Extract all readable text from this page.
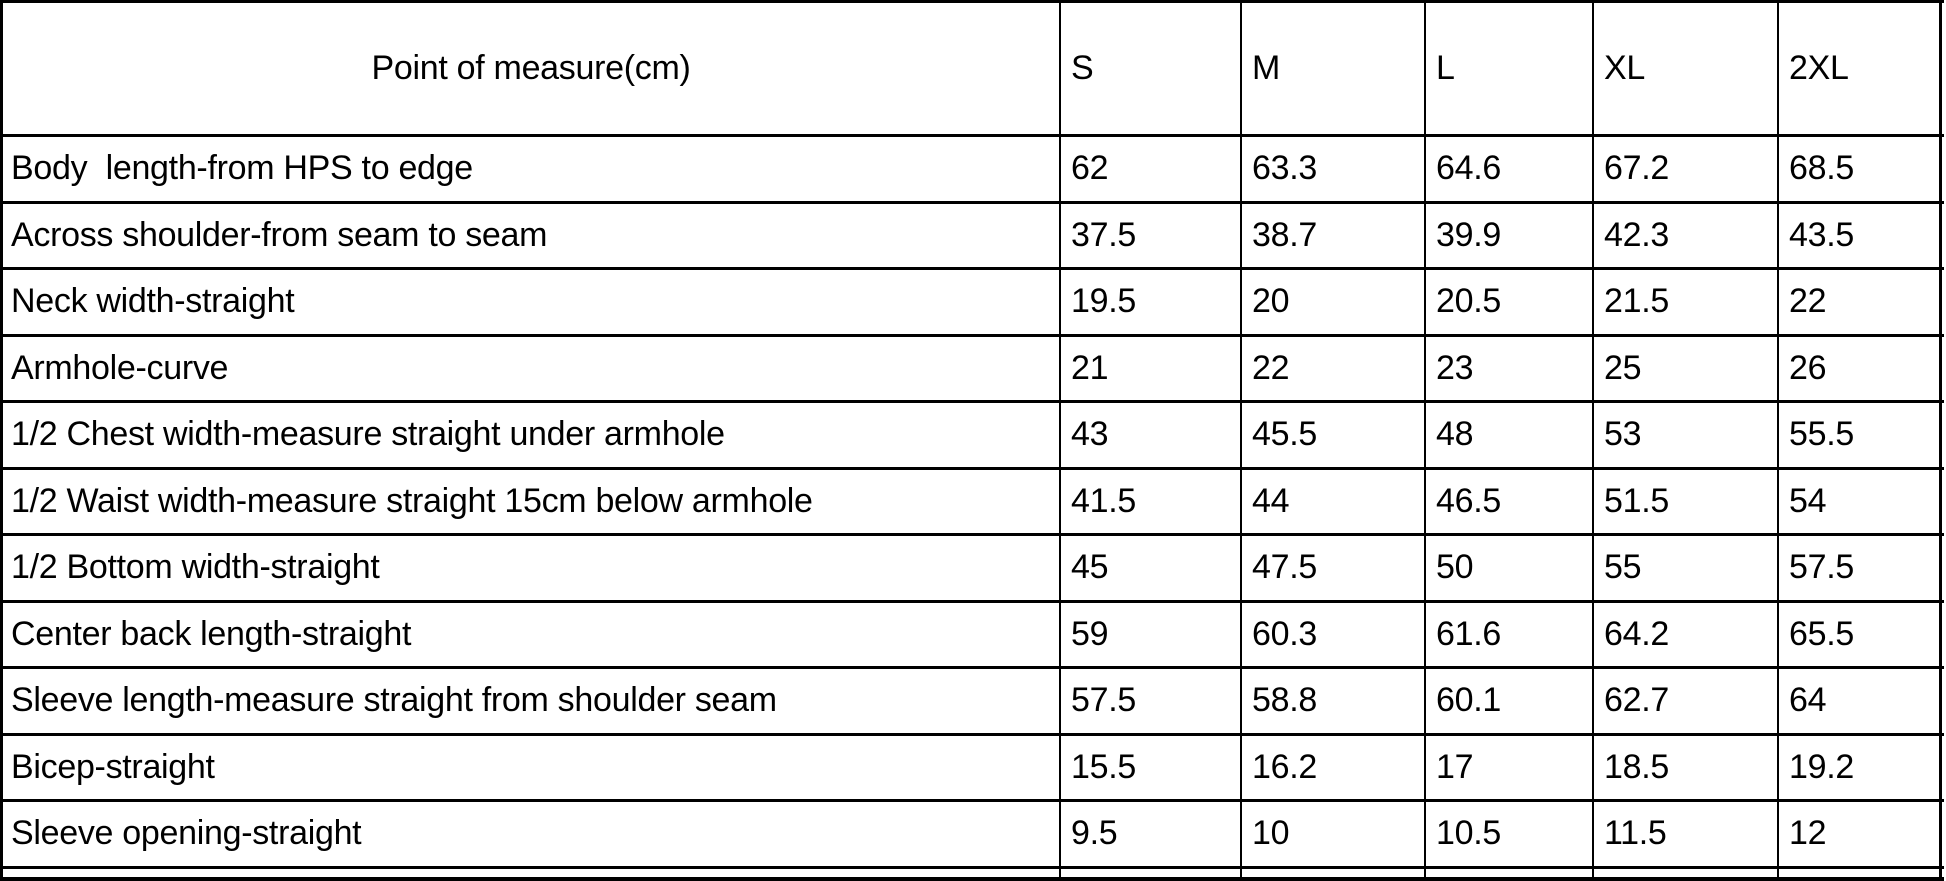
Point of measure(cm)	S	M	L	XL	2XL
Body  length-from HPS to edge	62	63.3	64.6	67.2	68.5
Across shoulder-from seam to seam	37.5	38.7	39.9	42.3	43.5
Neck width-straight	19.5	20	20.5	21.5	22
Armhole-curve	21	22	23	25	26
1/2 Chest width-measure straight under armhole	43	45.5	48	53	55.5
1/2 Waist width-measure straight 15cm below armhole	41.5	44	46.5	51.5	54
1/2 Bottom width-straight	45	47.5	50	55	57.5
Center back length-straight	59	60.3	61.6	64.2	65.5
Sleeve length-measure straight from shoulder seam	57.5	58.8	60.1	62.7	64
Bicep-straight	15.5	16.2	17	18.5	19.2
Sleeve opening-straight	9.5	10	10.5	11.5	12
